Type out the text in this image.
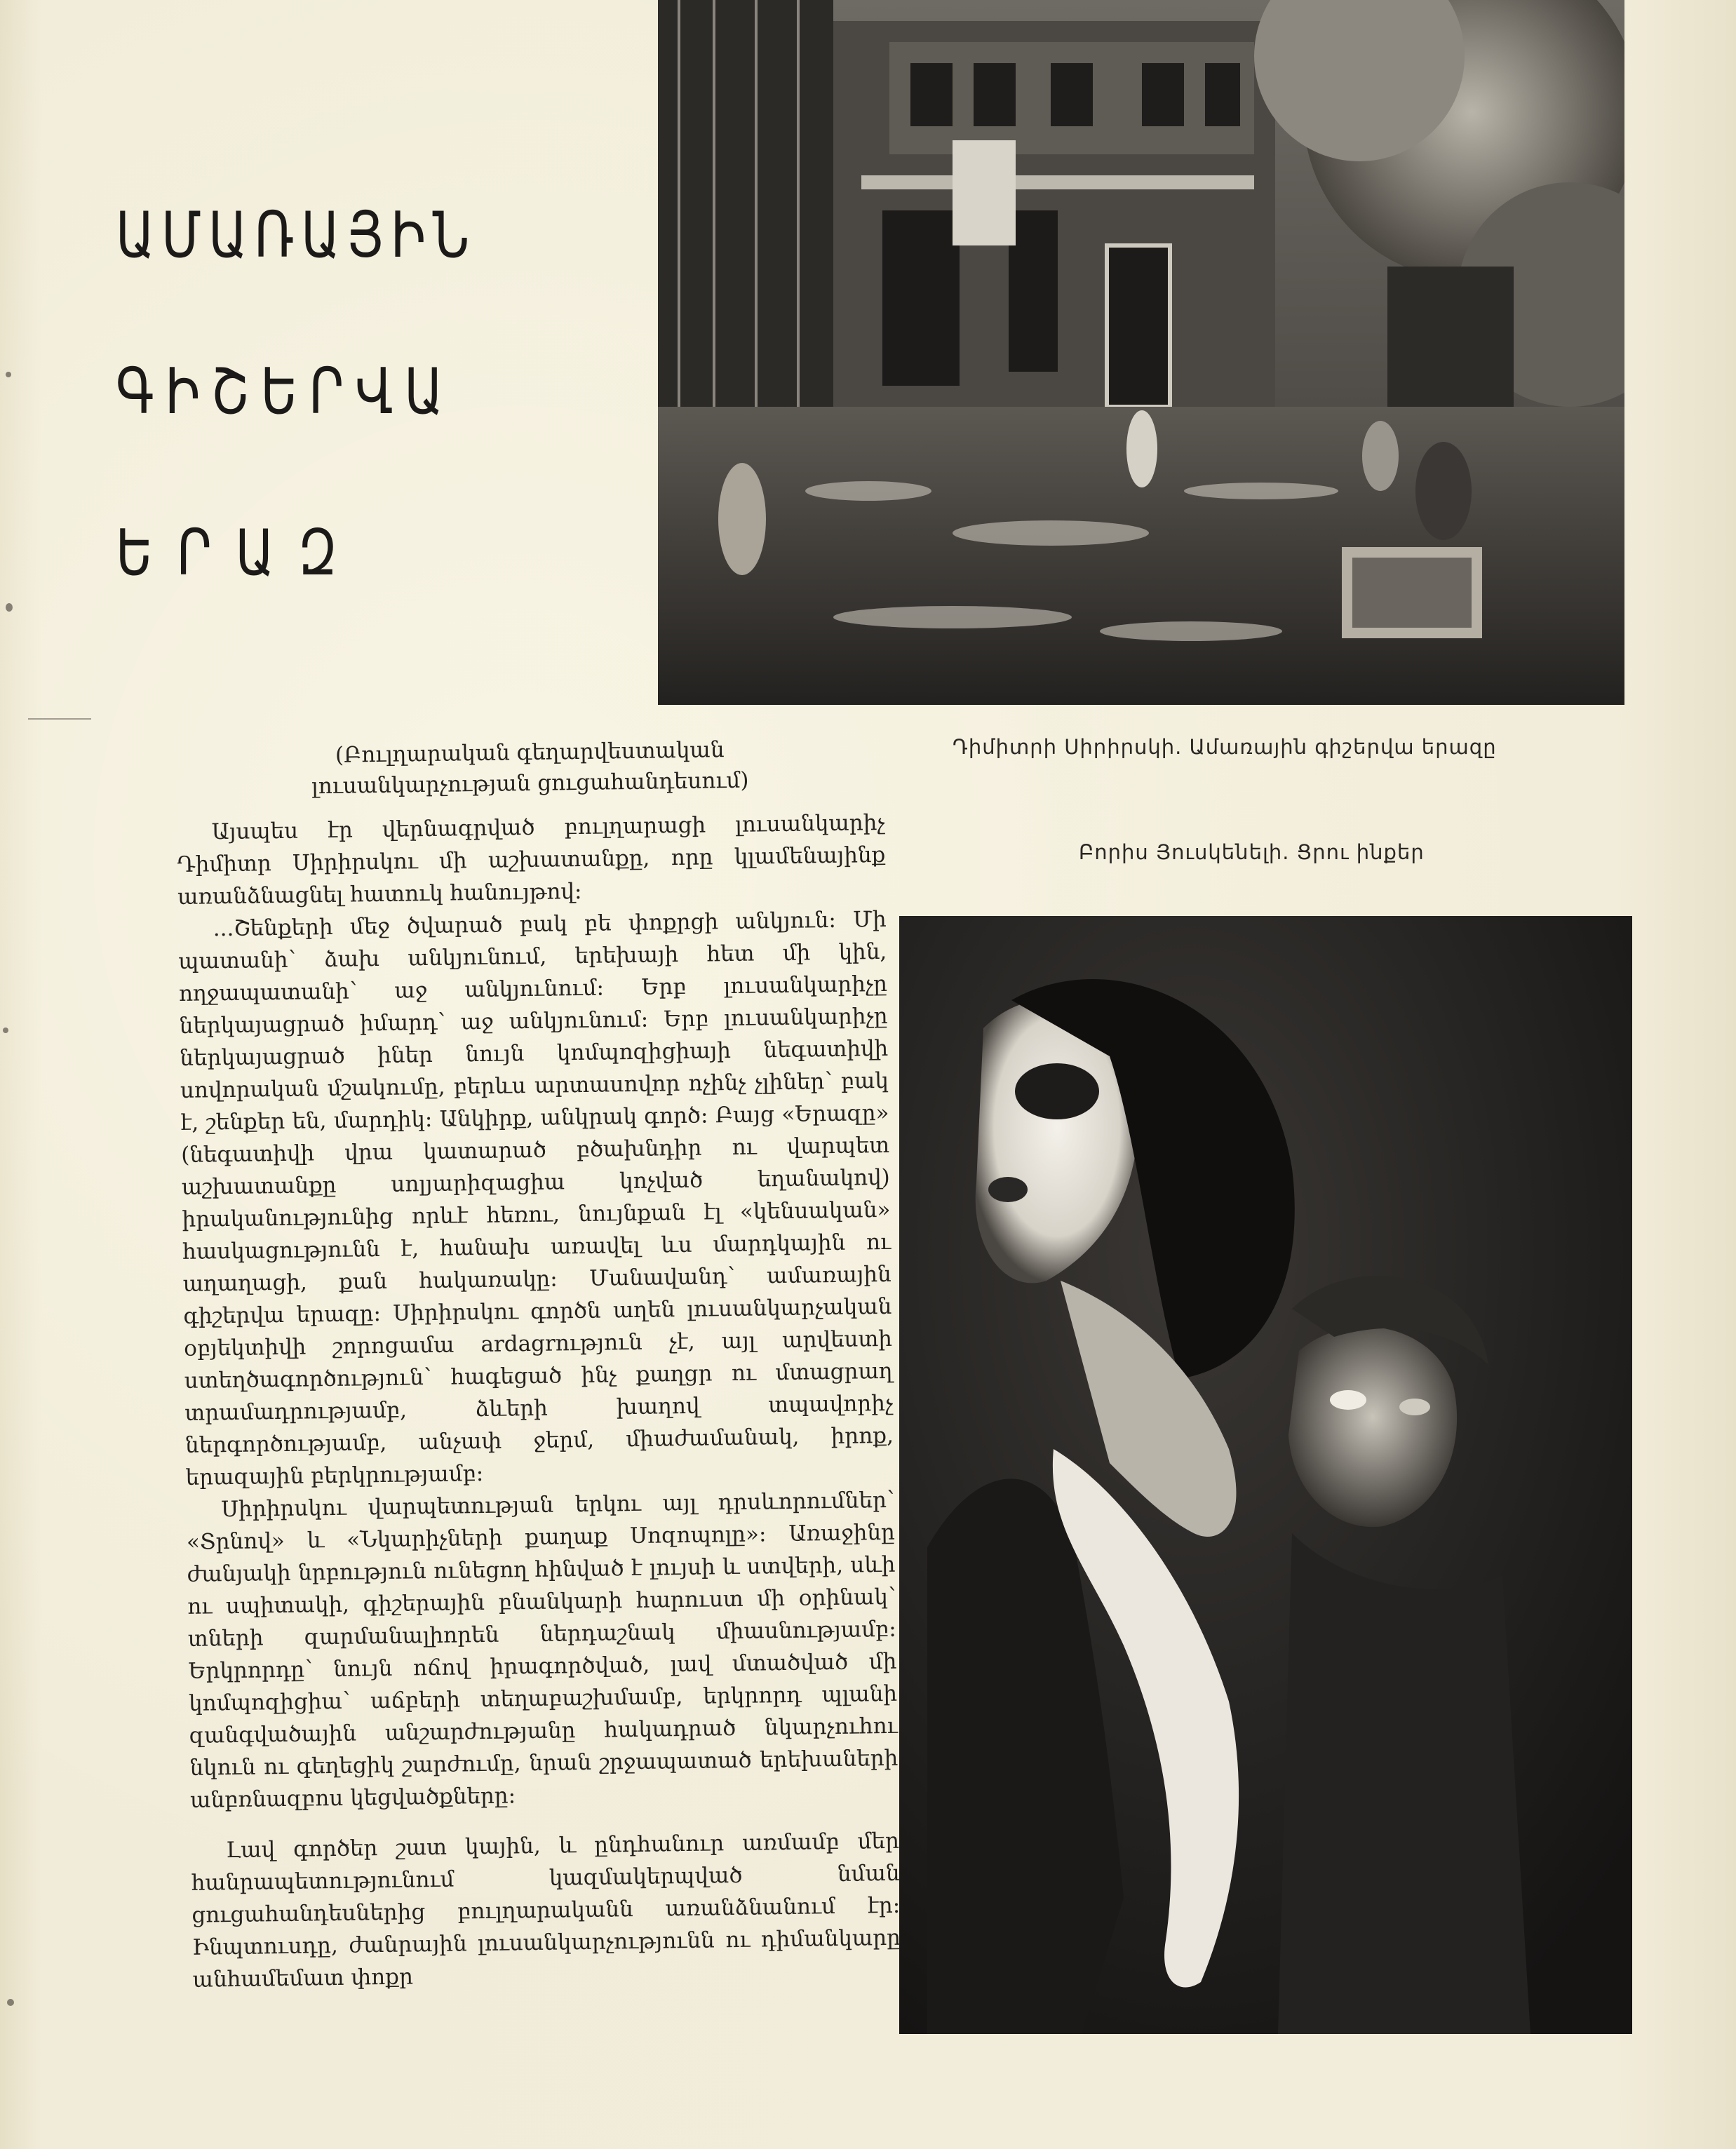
ԱՄԱՌԱՅԻՆ
ԳԻՇԵՐՎԱ
ԵՐԱԶ
Դիմիտրի Սիրիրսկի. Ամառային գիշերվա երազը
Բորիս Յուսկենելի. Ցրու ինքեր
(Բուլղարական գեղարվեստական լուսանկարչության ցուցահանդեսում)

Այսպես էր վերնագրված բուլղարացի լուսանկարիչ Դիմիտր Սիրիրսկու մի աշխատանքը, որը կլամենայինք առանձնացնել հատուկ հանույթով։

...Շենքերի մեջ ծվարած բակ բե փոքրցի անկյուն։ Մի պատանի՝ ձախ անկյունում, երեխայի հետ մի կին, ողջապատանի՝ աջ անկյունում։ Երբ լուսանկարիչը ներկայացրած իմարդ՝ աջ անկյունում։ Երբ լուսանկարիչը ներկայացրած իներ նույն կոմպոզիցիայի նեգատիվի սովորական մշակումը, բերևս արտասովոր ոչինչ չլիներ՝ բակ է, շենքեր են, մարդիկ։ Անկիրք, անկրակ գործ։ Բայց «Երազը» (նեգատիվի վրա կատարած բծախնդիր ու վարպետ աշխատանքը սոլյարիզացիա կոչված եղանակով) իրականությունից որևէ հեռու, նույնքան էլ «կենսական» հասկացությունն է, հանախ առավել ևս մարդկային ու աղաղացի, քան հակառակը։ Մանավանդ՝ ամառային գիշերվա երազը։ Սիրիրսկու գործն աղեն լուսանկարչական օբյեկտիվի շորոցամա ardagrություն չէ, այլ արվեստի ստեղծագործություն՝ հագեցած ինչ քաղցր ու մտացրաղ տրամադրությամբ, ձևերի խաղով տպավորիչ ներգործությամբ, անչափ ջերմ, միաժամանակ, իրոք, երազային բերկրությամբ։

Սիրիրսկու վարպետության երկու այլ դրսևորումներ՝ «Տրնով» և «Նկարիչների քաղաք Սոզոպոլը»։ Առաջինը ժանյակի նրբություն ունեցող հինված է լույսի և ստվերի, սևի ու սպիտակի, գիշերային բնանկարի հարուստ մի օրինակ՝ տների զարմանալիորեն ներդաշնակ միասնությամբ։ Երկրորդը՝ նույն ոճով իրագործված, լավ մտածված մի կոմպոզիցիա՝ աճբերի տեղաբաշխմամբ, երկրորդ պլանի զանգվածային անշարժությանը հակադրած նկարչուհու նկուն ու գեղեցիկ շարժումը, նրան շրջապատած երեխաների անբռնազբոս կեցվածքները։

Լավ գործեր շատ կային, և ընդհանուր առմամբ մեր հանրապետությունում կազմակերպված նման ցուցահանդեսներից բուլղարականն առանձնանում էր։ Ինպտուսդը, ժանրային լուսանկարչությունն ու դիմանկարը անհամեմատ փոքր
